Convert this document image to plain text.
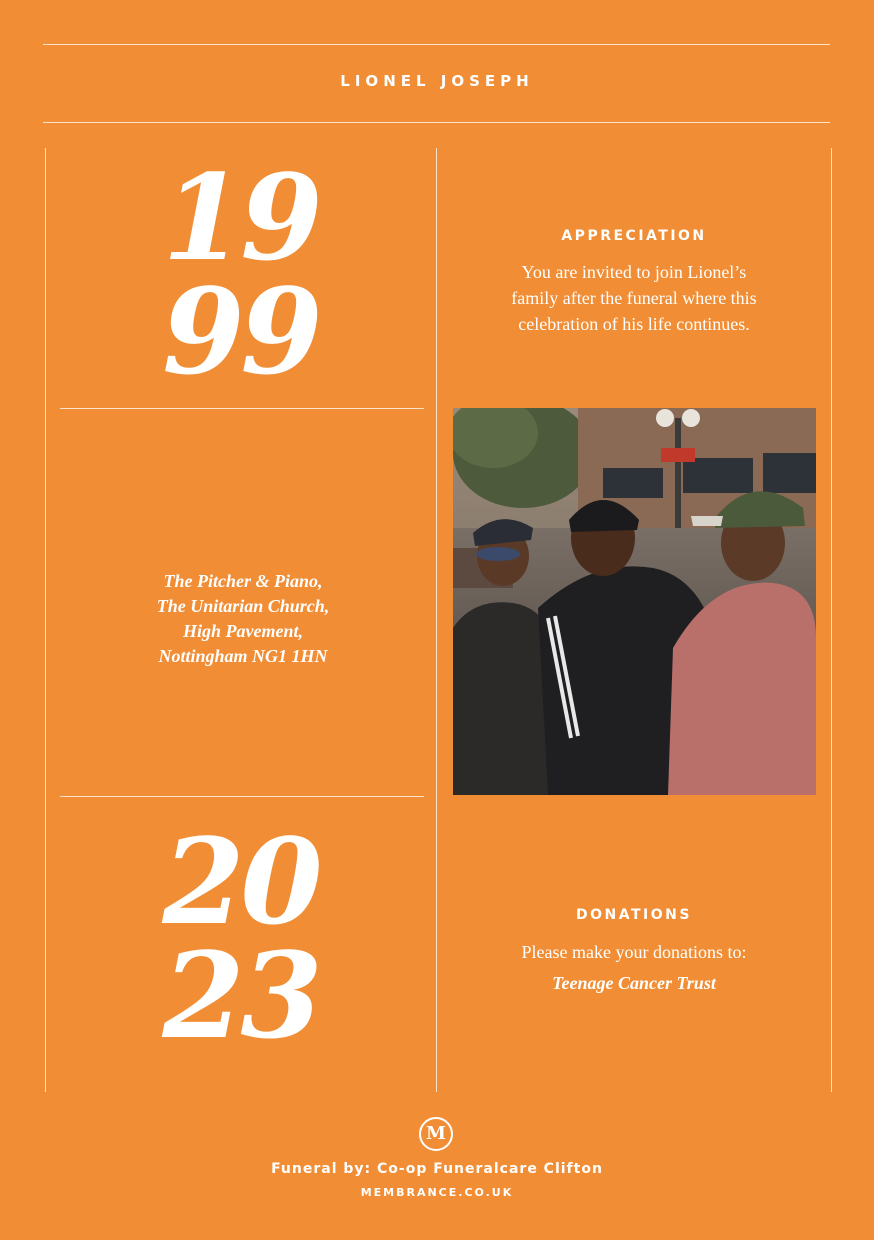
LIONEL JOSEPH
19
99
The Pitcher & Piano,
The Unitarian Church,
High Pavement,
Nottingham NG1 1HN
20
23
APPRECIATION
You are invited to join Lionel’s
family after the funeral where this
celebration of his life continues.
DONATIONS
Please make your donations to:
Teenage Cancer Trust
M
Funeral by: Co-op Funeralcare Clifton
MEMBRANCE.CO.UK
